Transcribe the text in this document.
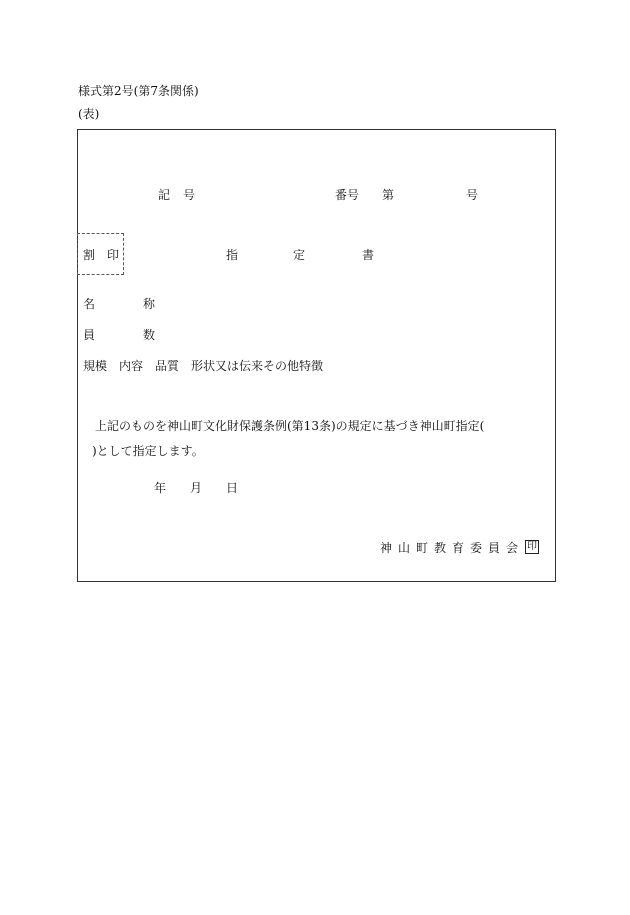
様式第2号(第7条関係)
(表)
記 号	番号 第	号
割 印	指	定	書
名	称
員	数
規模　内容　品質　形状又は伝来その他特徴
上記のものを神山町文化財保護条例(第13条)の規定に基づき神山町指定(
)として指定します。
年 月 日
神 山 町 教 育 委 員 会 印
